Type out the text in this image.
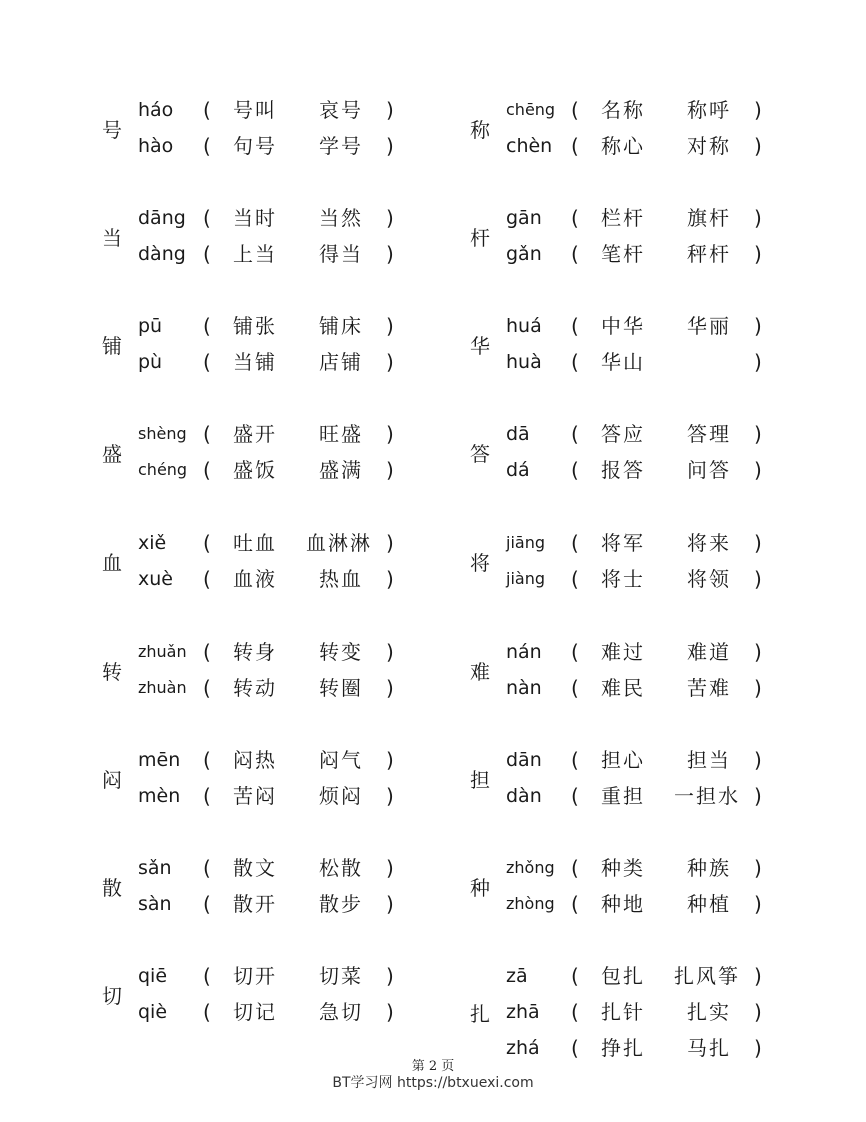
号
háo ( 号叫 哀号 )
hào ( 句号 学号 )
称
chēng ( 名称 称呼 )
chèn ( 称心 对称 )
当
dāng ( 当时 当然 )
dàng ( 上当 得当 )
杆
gān ( 栏杆 旗杆 )
gǎn ( 笔杆 秤杆 )
铺
pū ( 铺张 铺床 )
pù ( 当铺 店铺 )
华
huá ( 中华 华丽 )
huà ( 华山	)
盛
shèng ( 盛开 旺盛 )
chéng ( 盛饭 盛满 )
答
dā ( 答应 答理 )
dá ( 报答 问答 )
血
xiě ( 吐血 血淋淋 )
xuè ( 血液 热血 )
将
jiāng ( 将军 将来 )
jiàng ( 将士 将领 )
转
zhuǎn ( 转身 转变 )
zhuàn ( 转动 转圈 )
难
nán ( 难过 难道 )
nàn ( 难民 苦难 )
闷
mēn ( 闷热 闷气 )
mèn ( 苦闷 烦闷 )
担
dān ( 担心 担当 )
dàn ( 重担 一担水 )
散
sǎn ( 散文 松散 )
sàn ( 散开 散步 )
种
zhǒng ( 种类 种族 )
zhòng ( 种地 种植 )
切
qiē ( 切开 切菜 )
qiè ( 切记 急切 )	扎
zā ( 包扎 扎风筝 )
zhā ( 扎针 扎实 )
zhá ( 挣扎 马扎 )
第 2 页
BT学习网 https://btxuexi.com
